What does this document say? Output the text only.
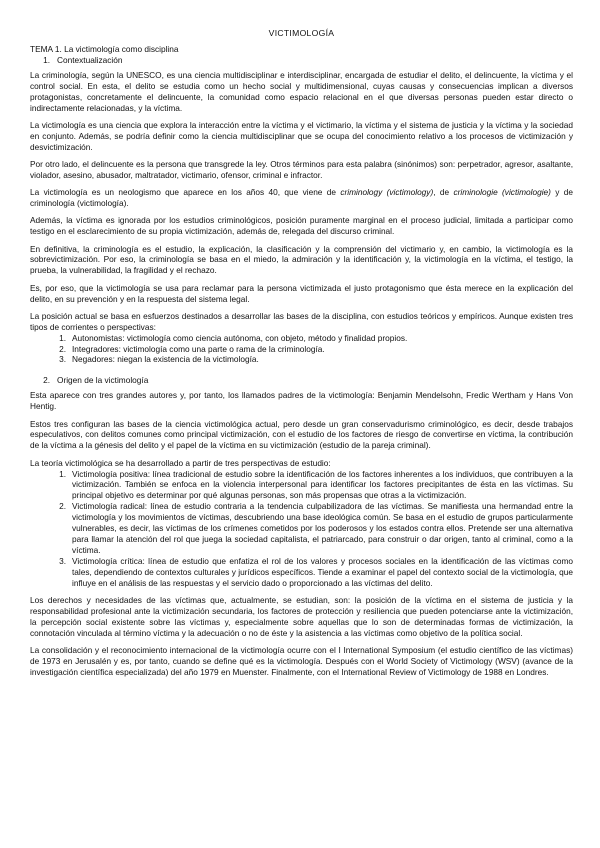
VICTIMOLOGÍA
TEMA 1. La victimología como disciplina
1. Contextualización

La criminología, según la UNESCO, es una ciencia multidisciplinar e interdisciplinar, encargada de estudiar el delito, el delincuente, la víctima y el control social. En esta, el delito se estudia como un hecho social y multidimensional, cuyas causas y consecuencias implican a diversos protagonistas, concretamente el delincuente, la comunidad como espacio relacional en el que diversas personas pueden estar directo o indirectamente relacionadas, y la víctima.

La victimología es una ciencia que explora la interacción entre la víctima y el victimario, la víctima y el sistema de justicia y la víctima y la sociedad en conjunto. Además, se podría definir como la ciencia multidisciplinar que se ocupa del conocimiento relativo a los procesos de victimización y desvictimización.

Por otro lado, el delincuente es la persona que transgrede la ley. Otros términos para esta palabra (sinónimos) son: perpetrador, agresor, asaltante, violador, asesino, abusador, maltratador, victimario, ofensor, criminal e infractor.

La victimología es un neologismo que aparece en los años 40, que viene de criminology (victimology), de criminologie (victimologie) y de criminología (victimología).

Además, la víctima es ignorada por los estudios criminológicos, posición puramente marginal en el proceso judicial, limitada a participar como testigo en el esclarecimiento de su propia victimización, además de, relegada del discurso criminal.

En definitiva, la criminología es el estudio, la explicación, la clasificación y la comprensión del victimario y, en cambio, la victimología es la sobrevictimización. Por eso, la criminología se basa en el miedo, la admiración y la identificación y, la victimología en la víctima, el testigo, la prueba, la vulnerabilidad, la fragilidad y el rechazo.

Es, por eso, que la victimología se usa para reclamar para la persona victimizada el justo protagonismo que ésta merece en la explicación del delito, en su prevención y en la respuesta del sistema legal.

La posición actual se basa en esfuerzos destinados a desarrollar las bases de la disciplina, con estudios teóricos y empíricos. Aunque existen tres tipos de corrientes o perspectivas:

1. Autonomistas: victimología como ciencia autónoma, con objeto, método y finalidad propios.
2. Integradores: victimología como una parte o rama de la criminología.
3. Negadores: niegan la existencia de la victimología.
2. Origen de la victimología

Esta aparece con tres grandes autores y, por tanto, los llamados padres de la victimología: Benjamin Mendelsohn, Fredic Wertham y Hans Von Hentig.

Estos tres configuran las bases de la ciencia victimológica actual, pero desde un gran conservadurismo criminológico, es decir, desde trabajos especulativos, con delitos comunes como principal victimización, con el estudio de los factores de riesgo de convertirse en víctima, la contribución de la víctima a la génesis del delito y el papel de la víctima en su victimización (estudio de la pareja criminal).

La teoría victimológica se ha desarrollado a partir de tres perspectivas de estudio:

1. Victimología positiva: línea tradicional de estudio sobre la identificación de los factores inherentes a los individuos, que contribuyen a la victimización. También se enfoca en la violencia interpersonal para identificar los factores precipitantes de ésta en las víctimas. Su principal objetivo es determinar por qué algunas personas, son más propensas que otras a la victimización.
2. Victimología radical: línea de estudio contraria a la tendencia culpabilizadora de las víctimas. Se manifiesta una hermandad entre la victimología y los movimientos de víctimas, descubriendo una base ideológica común. Se basa en el estudio de grupos particularmente vulnerables, es decir, las víctimas de los crímenes cometidos por los poderosos y los estados contra ellos. Pretende ser una alternativa para llamar la atención del rol que juega la sociedad capitalista, el patriarcado, para construir o dar origen, tanto al criminal, como a la víctima.
3. Victimología crítica: línea de estudio que enfatiza el rol de los valores y procesos sociales en la identificación de las víctimas como tales, dependiendo de contextos culturales y jurídicos específicos. Tiende a examinar el papel del contexto social de la victimología, que influye en el análisis de las respuestas y el servicio dado o proporcionado a las víctimas del delito.

Los derechos y necesidades de las víctimas que, actualmente, se estudian, son: la posición de la víctima en el sistema de justicia y la responsabilidad profesional ante la victimización secundaria, los factores de protección y resiliencia que pueden potenciarse ante la victimización, la percepción social existente sobre las víctimas y, especialmente sobre aquellas que lo son de determinadas formas de victimización, la connotación vinculada al término víctima y la adecuación o no de éste y la asistencia a las víctimas como objetivo de la política social.

La consolidación y el reconocimiento internacional de la victimología ocurre con el I International Symposium (el estudio científico de las víctimas) de 1973 en Jerusalén y es, por tanto, cuando se define qué es la victimología. Después con el World Society of Victimology (WSV) (avance de la investigación científica especializada) del año 1979 en Muenster. Finalmente, con el International Review of Victimology de 1988 en Londres.
